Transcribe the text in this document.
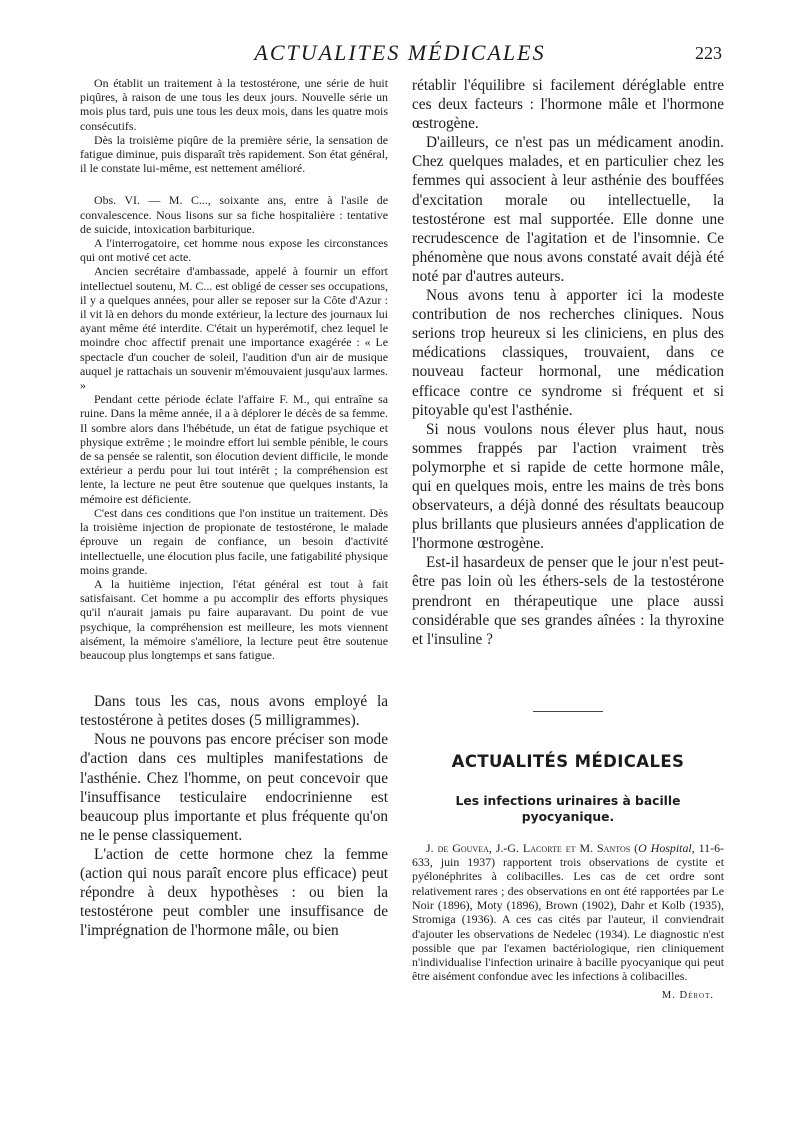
ACTUALITES MÉDICALES	223

On établit un traitement à la testostérone, une série de huit piqûres, à raison de une tous les deux jours. Nouvelle série un mois plus tard, puis une tous les deux mois, dans les quatre mois consécutifs.

Dès la troisième piqûre de la première série, la sensation de fatigue diminue, puis disparaît très rapidement. Son état général, il le constate lui-même, est nettement amélioré.

Obs. VI. — M. C..., soixante ans, entre à l'asile de convalescence. Nous lisons sur sa fiche hospitalière : tentative de suicide, intoxication barbiturique.

A l'interrogatoire, cet homme nous expose les circonstances qui ont motivé cet acte.

Ancien secrétaire d'ambassade, appelé à fournir un effort intellectuel soutenu, M. C... est obligé de cesser ses occupations, il y a quelques années, pour aller se reposer sur la Côte d'Azur : il vit là en dehors du monde extérieur, la lecture des journaux lui ayant même été interdite. C'était un hyperémotif, chez lequel le moindre choc affectif prenait une importance exagérée : « Le spectacle d'un coucher de soleil, l'audition d'un air de musique auquel je rattachais un souvenir m'émouvaient jusqu'aux larmes. »

Pendant cette période éclate l'affaire F. M., qui entraîne sa ruine. Dans la même année, il a à déplorer le décès de sa femme. Il sombre alors dans l'hébétude, un état de fatigue psychique et physique extrême ; le moindre effort lui semble pénible, le cours de sa pensée se ralentit, son élocution devient difficile, le monde extérieur a perdu pour lui tout intérêt ; la compréhension est lente, la lecture ne peut être soutenue que quelques instants, la mémoire est déficiente.

C'est dans ces conditions que l'on institue un traitement. Dès la troisième injection de propionate de testostérone, le malade éprouve un regain de confiance, un besoin d'activité intellectuelle, une élocution plus facile, une fatigabilité physique moins grande.

A la huitième injection, l'état général est tout à fait satisfaisant. Cet homme a pu accomplir des efforts physiques qu'il n'aurait jamais pu faire auparavant. Du point de vue psychique, la compréhension est meilleure, les mots viennent aisément, la mémoire s'améliore, la lecture peut être soutenue beaucoup plus longtemps et sans fatigue.

Dans tous les cas, nous avons employé la testostérone à petites doses (5 milligrammes).

Nous ne pouvons pas encore préciser son mode d'action dans ces multiples manifestations de l'asthénie. Chez l'homme, on peut concevoir que l'insuffisance testiculaire endocrinienne est beaucoup plus importante et plus fréquente qu'on ne le pense classiquement.

L'action de cette hormone chez la femme (action qui nous paraît encore plus efficace) peut répondre à deux hypothèses : ou bien la testostérone peut combler une insuffisance de l'imprégnation de l'hormone mâle, ou bien

rétablir l'équilibre si facilement déréglable entre ces deux facteurs : l'hormone mâle et l'hormone œstrogène.

D'ailleurs, ce n'est pas un médicament anodin. Chez quelques malades, et en particulier chez les femmes qui associent à leur asthénie des bouffées d'excitation morale ou intellectuelle, la testostérone est mal supportée. Elle donne une recrudescence de l'agitation et de l'insomnie. Ce phénomène que nous avons constaté avait déjà été noté par d'autres auteurs.

Nous avons tenu à apporter ici la modeste contribution de nos recherches cliniques. Nous serions trop heureux si les cliniciens, en plus des médications classiques, trouvaient, dans ce nouveau facteur hormonal, une médication efficace contre ce syndrome si fréquent et si pitoyable qu'est l'asthénie.

Si nous voulons nous élever plus haut, nous sommes frappés par l'action vraiment très polymorphe et si rapide de cette hormone mâle, qui en quelques mois, entre les mains de très bons observateurs, a déjà donné des résultats beaucoup plus brillants que plusieurs années d'application de l'hormone œstrogène.

Est-il hasardeux de penser que le jour n'est peut-être pas loin où les éthers-sels de la testostérone prendront en thérapeutique une place aussi considérable que ses grandes aînées : la thyroxine et l'insuline ?

ACTUALITÉS MÉDICALES
Les infections urinaires à bacille pyocyanique.

J. de Gouvea, J.-G. Lacorte et M. Santos (O Hospital, 11-6-633, juin 1937) rapportent trois observations de cystite et pyélonéphrites à colibacilles. Les cas de cet ordre sont relativement rares ; des observations en ont été rapportées par Le Noir (1896), Moty (1896), Brown (1902), Dahr et Kolb (1935), Stromiga (1936). A ces cas cités par l'auteur, il conviendrait d'ajouter les observations de Nedelec (1934). Le diagnostic n'est possible que par l'examen bactériologique, rien cliniquement n'individualise l'infection urinaire à bacille pyocyanique qui peut être aisément confondue avec les infections à colibacilles.

M. Dérot.
